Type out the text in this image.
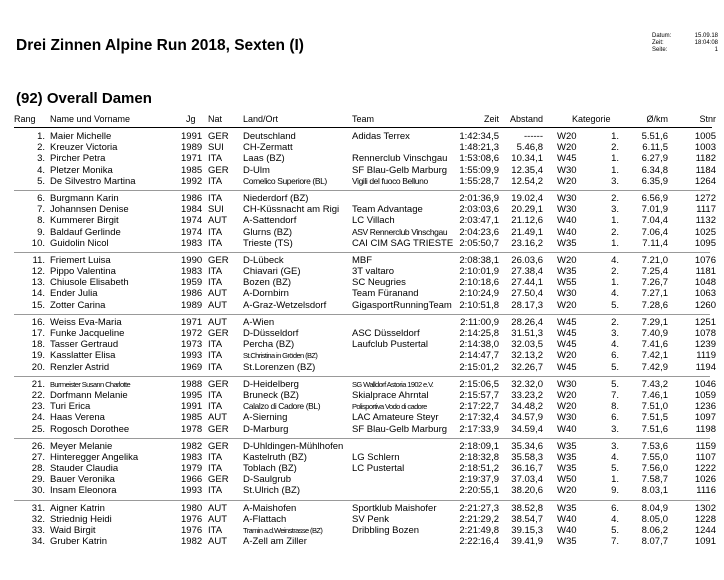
Datum:	15.09.18
Zeit:	18:04:08
Seite:	1
Drei Zinnen Alpine Run 2018, Sexten (I)
(92) Overall Damen
Rang Name und Vorname	Jg Nat Land/Ort	Team	Zeit Abstand	Kategorie	Ø/km	Stnr
1. Maier Michelle	1991 GER Deutschland	Adidas Terrex	1:42:34,5	------ W20	1. 5.51,6	1005
2. Kreuzer Victoria	1989 SUI CH-Zermatt	1:48:21,3 5.46,8 W20	2. 6.11,5	1003
3. Pircher Petra	1971 ITA Laas (BZ)	Rennerclub Vinschgau 1:53:08,6 10.34,1 W45	1. 6.27,9	1182
4. Pletzer Monika	1985 GER D-Ulm	SF Blau-Gelb Marburg 1:55:09,9 12.35,4 W30	1. 6.34,8	1184
5. De Silvestro Martina	1992 ITA Comelico Superiore (BL)	Vigili del fuoco Belluno	1:55:28,7 12.54,2 W20	3. 6.35,9	1264
6. Burgmann Karin	1986 ITA Niederdorf (BZ)	2:01:36,9 19.02,4 W30	2. 6.56,9	1272
7. Johannsen Denise	1984 SUI CH-Küssnacht am Rigi Team Advantage	2:03:03,6 20.29,1 W30	3. 7.01,9	1117
8. Kummerer Birgit	1974 AUT A-Sattendorf	LC Villach	2:03:47,1 21.12,6 W40	1. 7.04,4	1132
9. Baldauf Gerlinde	1974 ITA Glurns (BZ)	ASV Rennerclub Vinschgau 2:04:23,6 21.49,1 W40	2. 7.06,4	1025
10. Guidolin Nicol	1983 ITA Trieste (TS)	CAI CIM SAG TRIESTE 2:05:50,7 23.16,2 W35	1. 7.11,4	1095
11. Friemert Luisa	1990 GER D-Lübeck	MBF	2:08:38,1 26.03,6 W20	4. 7.21,0	1076
12. Pippo Valentina	1983 ITA Chiavari (GE)	3T valtaro	2:10:01,9 27.38,4 W35	2. 7.25,4	1181
13. Chiusole Elisabeth	1959 ITA Bozen (BZ)	SC Neugries	2:10:18,6 27.44,1 W55	1. 7.26,7	1048
14. Ender Julia	1986 AUT A-Dornbirn	Team Füranand	2:10:24,9 27.50,4 W30	4. 7.27,1	1063
15. Zotter Carina	1989 AUT A-Graz-Wetzelsdorf	GigasportRunningTeam 2:10:51,8 28.17,3 W20	5. 7.28,6	1260
16. Weiss Eva-Maria	1971 AUT A-Wien	2:11:00,9 28.26,4 W45	2. 7.29,1	1251
17. Funke Jacqueline	1972 GER D-Düsseldorf	ASC Düsseldorf	2:14:25,8 31.51,3 W45	3. 7.40,9	1078
18. Tasser Gertraud	1973 ITA Percha (BZ)	Laufclub Pustertal	2:14:38,0 32.03,5 W45	4. 7.41,6	1239
19. Kasslatter Elisa	1993 ITA	St.Christina in Gröden (BZ)	2:14:47,7 32.13,2 W20	6. 7.42,1	1119
20. Renzler Astrid	1969 ITA St.Lorenzen (BZ)	2:15:01,2 32.26,7 W45	5. 7.42,9	1194
21. Burmeister Susann Charlotte	1988 GER D-Heidelberg	SG Walldorf Astoria 1902 e.V.	2:15:06,5 32.32,0 W30	5. 7.43,2	1046
22. Dorfmann Melanie	1995 ITA Bruneck (BZ)	Skialprace Ahrntal	2:15:57,7 33.23,2 W20	7. 7.46,1	1059
23. Turi Erica	1991 ITA Calalzo di Cadore (BL)	Polisportiva Vodo di cadore	2:17:22,7 34.48,2 W20	8. 7.51,0	1236
24. Haas Verena	1985 AUT A-Sierning	LAC Amateure Steyr 2:17:32,4 34.57,9 W30	6. 7.51,5	1097
25. Rogosch Dorothee	1978 GER D-Marburg	SF Blau-Gelb Marburg 2:17:33,9 34.59,4 W40	3. 7.51,6	1198
26. Meyer Melanie	1982 GER D-Uhldingen-Mühlhofen	2:18:09,1 35.34,6 W35	3. 7.53,6	1159
27. Hinteregger Angelika	1983 ITA Kastelruth (BZ)	LG Schlern	2:18:32,8 35.58,3 W35	4. 7.55,0	1107
28. Stauder Claudia	1979 ITA Toblach (BZ)	LC Pustertal	2:18:51,2 36.16,7 W35	5. 7.56,0	1222
29. Bauer Veronika	1966 GER D-Saulgrub	2:19:37,9 37.03,4 W50	1. 7.58,7	1026
30. Insam Eleonora	1993 ITA St.Ulrich (BZ)	2:20:55,1 38.20,6 W20	9. 8.03,1	1116
31. Aigner Katrin	1980 AUT A-Maishofen	Sportklub Maishofer 2:21:27,3 38.52,8 W35	6. 8.04,9	1302
32. Striednig Heidi	1976 AUT A-Flattach	SV Penk	2:21:29,2 38.54,7 W40	4. 8.05,0	1228
33. Waid Birgit	1976 ITA	Tramin a.d.Weinstrasse (BZ)	Dribbling Bozen	2:21:49,8 39.15,3 W40	5. 8.06,2	1244
34. Gruber Katrin	1982 AUT A-Zell am Ziller	2:22:16,4 39.41,9 W35	7. 8.07,7	1091
